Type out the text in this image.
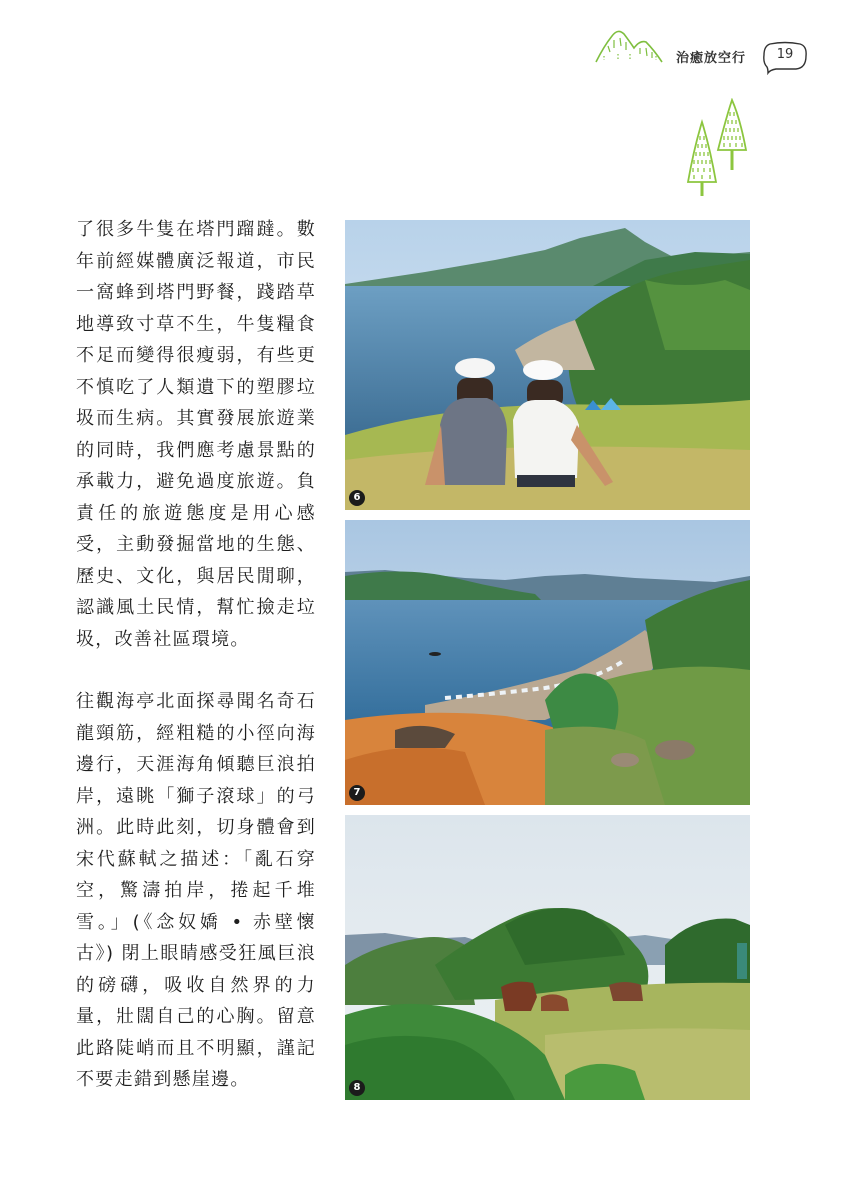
治癒放空行	19

了很多牛隻在塔門蹓躂。數年前經媒體廣泛報道，市民一窩蜂到塔門野餐，踐踏草地導致寸草不生，牛隻糧食不足而變得很瘦弱，有些更不慎吃了人類遺下的塑膠垃圾而生病。其實發展旅遊業的同時，我們應考慮景點的承載力，避免過度旅遊。負責任的旅遊態度是用心感受，主動發掘當地的生態、歷史、文化，與居民閒聊，認識風土民情，幫忙撿走垃圾，改善社區環境。

往觀海亭北面探尋聞名奇石龍頸筋，經粗糙的小徑向海邊行，天涯海角傾聽巨浪拍岸，遠眺「獅子滾球」的弓洲。此時此刻，切身體會到宋代蘇軾之描述：「亂石穿空，驚濤拍岸，捲起千堆雪。」(《念奴嬌 • 赤壁懷古》) 閉上眼睛感受狂風巨浪的磅礴，吸收自然界的力量，壯闊自己的心胸。留意此路陡峭而且不明顯，謹記不要走錯到懸崖邊。

6
7
8
